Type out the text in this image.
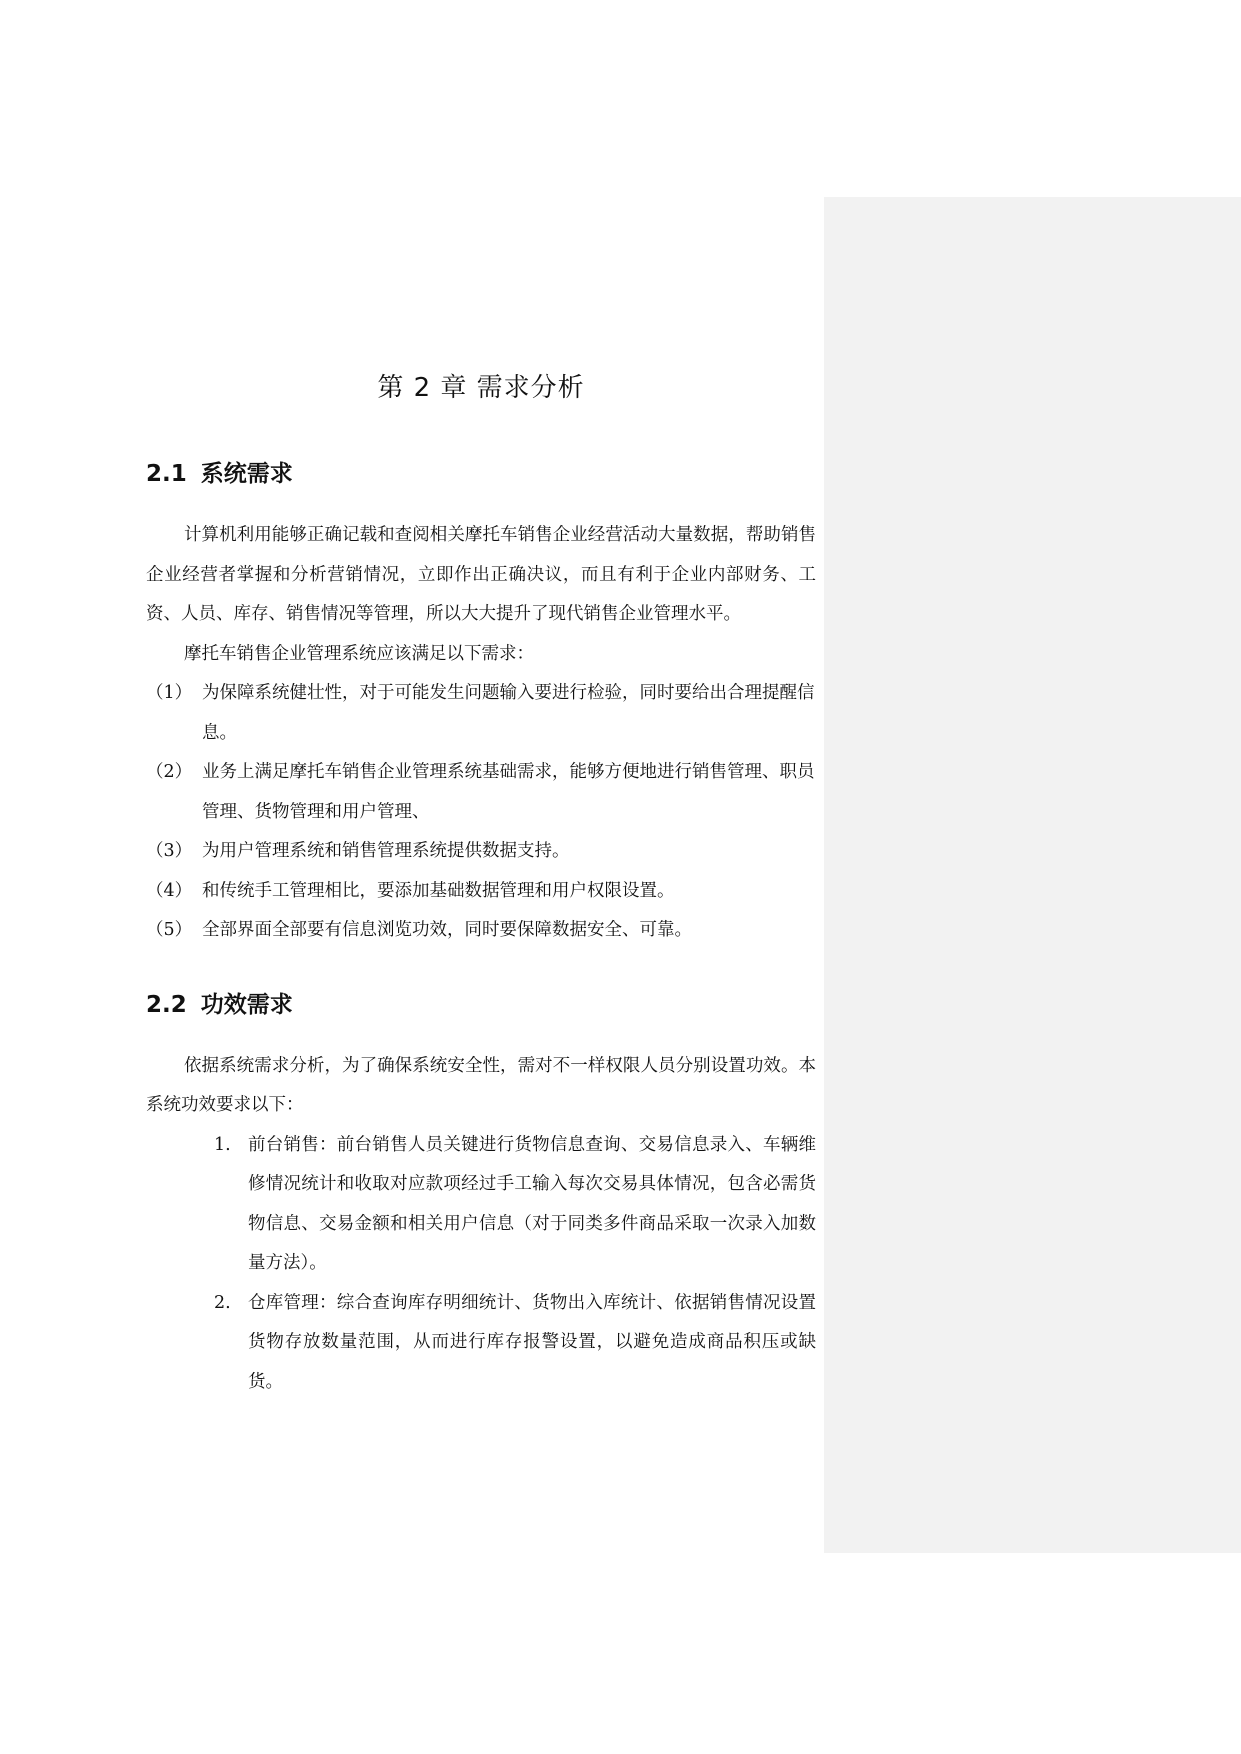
第 2 章 需求分析
2.1 系统需求

计算机利用能够正确记载和查阅相关摩托车销售企业经营活动大量数据，帮助销售企业经营者掌握和分析营销情况，立即作出正确决议，而且有利于企业内部财务、工资、人员、库存、销售情况等管理，所以大大提升了现代销售企业管理水平。

摩托车销售企业管理系统应该满足以下需求：

（1） 为保障系统健壮性，对于可能发生问题输入要进行检验，同时要给出合理提醒信息。
（2） 业务上满足摩托车销售企业管理系统基础需求，能够方便地进行销售管理、职员管理、货物管理和用户管理、
（3） 为用户管理系统和销售管理系统提供数据支持。
（4） 和传统手工管理相比，要添加基础数据管理和用户权限设置。
（5） 全部界面全部要有信息浏览功效，同时要保障数据安全、可靠。
2.2 功效需求

依据系统需求分析，为了确保系统安全性，需对不一样权限人员分别设置功效。本系统功效要求以下：

1. 前台销售：前台销售人员关键进行货物信息查询、交易信息录入、车辆维修情况统计和收取对应款项经过手工输入每次交易具体情况，包含必需货物信息、交易金额和相关用户信息（对于同类多件商品采取一次录入加数量方法）。
2. 仓库管理：综合查询库存明细统计、货物出入库统计、依据销售情况设置货物存放数量范围，从而进行库存报警设置，以避免造成商品积压或缺货。
